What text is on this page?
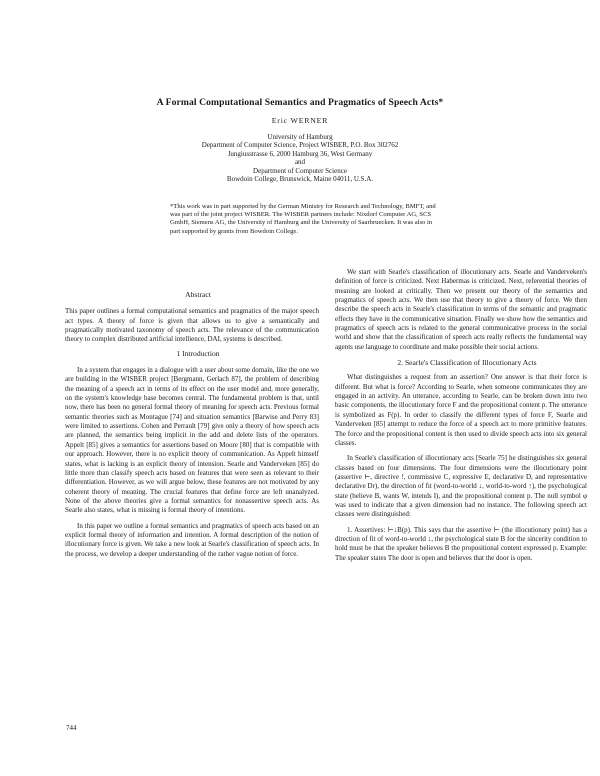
A Formal Computational Semantics and Pragmatics of Speech Acts*
Eric WERNER
University of Hamburg
Department of Computer Science, Project WISBER, P.O. Box 302762
Jungiusstrasse 6, 2000 Hamburg 36, West Germany
and
Department of Computer Science
Bowdoin College, Brunswick, Maine 04011, U.S.A.
*This work was in part supported by the German Ministry for Research and Technology, BMFT, and was part of the joint project WISBER. The WISBER partners include: Nixdorf Computer AG, SCS GmbH, Siemens AG, the University of Hamburg and the University of Saarbruecken. It was also in part supported by grants from Bowdoin College.

Abstract

This paper outlines a formal computational semantics and pragmatics of the major speech act types. A theory of force is given that allows us to give a semantically and pragmatically motivated taxonomy of speech acts. The relevance of the communication theory to complex distributed artificial intellience, DAI, systems is described.

1 Introduction

In a system that engages in a dialogue with a user about some domain, like the one we are building in the WISBER project [Bergmann, Gerlach 87], the problem of describing the meaning of a speech act in terms of its effect on the user model and, more generally, on the system's knowledge base becomes central. The fundamental problem is that, until now, there has been no general formal theory of meaning for speech acts. Previous formal semantic theories such as Montague [74] and situation semantics [Barwise and Perry 83] were limited to assertions. Cohen and Perrault [79] give only a theory of how speech acts are planned, the semantics being implicit in the add and delete lists of the operators. Appelt [85] gives a semantics for assertions based on Moore [80] that is compatible with our approach. However, there is no explicit theory of communication. As Appelt himself states, what is lacking is an explicit theory of intension. Searle and Vanderveken [85] do little more than classify speech acts based on features that were seen as relevant to their differentiation. However, as we will argue below, these features are not motivated by any coherent theory of meaning. The crucial features that define force are left unanalyzed. None of the above theories give a formal semantics for nonassertive speech acts. As Searle also states, what is missing is formal theory of intentions.

In this paper we outline a formal semantics and pragmatics of speech acts based on an explicit formal theory of information and intention. A formal description of the notion of illocutionary force is given. We take a new look at Searle's classification of speech acts. In the process, we develop a deeper understanding of the rather vague notion of force.

We start with Searle's classification of illocutionary acts. Searle and Vanderveken's definition of force is criticized. Next Habermas is criticized. Next, referential theories of meaning are looked at critically. Then we present our theory of the semantics and pragmatics of speech acts. We then use that theory to give a theory of force. We then describe the speech acts in Searle's classification in terms of the semantic and pragmatic effects they have in the communicative situation. Finally we show how the semantics and pragmatics of speech acts is related to the general communicative process in the social world and show that the classification of speech acts really reflects the fundamental way agents use language to coordinate and make possible their social actions.

2. Searle's Classification of Illocutionary Acts

What distinguishes a request from an assertion? One answer is that their force is different. But what is force? According to Searle, when someone communicates they are engaged in an activity. An utterance, according to Searle, can be broken down into two basic components, the illocutionary force F and the propositional content p. The utterance is symbolized as F(p). In order to classify the different types of force F, Searle and Vanderveken [85] attempt to reduce the force of a speech act to more primitive features. The force and the propositional content is then used to divide speech acts into six general classes.

In Searle's classification of illocutionary acts [Searle 75] he distinguishes six general classes based on four dimensions. The four dimensions were the illocutionary point (assertive ⊢, directive !, commissive C, expressive E, declarative D, and representative declarative Dr), the direction of fit (word-to-world ↓, world-to-word ↑), the psychological state (believe B, wants W, intends I), and the propositional content p. The null symbol φ was used to indicate that a given dimension had no instance. The following speech act classes were distinguished:

1. Assertives: ⊢↓B(p). This says that the assertive ⊢ (the illocutionary point) has a direction of fit of word-to-world ↓, the psychological state B for the sincerity condition to hold must be that the speaker believes B the propositional content expressed p. Example: The speaker states The door is open and believes that the door is open.

744
